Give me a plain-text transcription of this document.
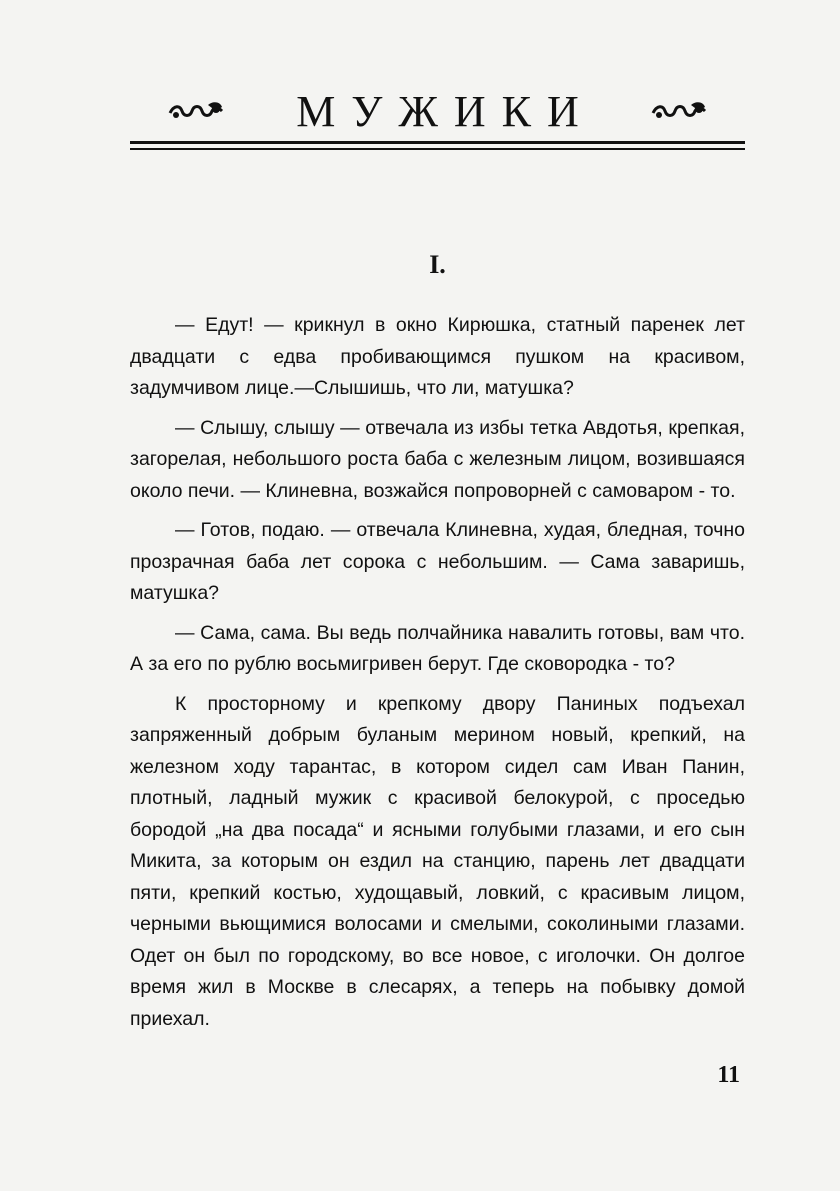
МУЖИКИ
I.

— Едут! — крикнул в окно Кирюшка, статный паренек лет двадцати с едва пробивающимся пушком на красивом, задумчивом лице.—Слышишь, что ли, матушка?

— Слышу, слышу — отвечала из избы тетка Авдотья, крепкая, загорелая, небольшого роста баба с железным лицом, возившаяся около печи. — Клиневна, возжайся попроворней с самоваром - то.

— Готов, подаю. — отвечала Клиневна, худая, бледная, точно прозрачная баба лет сорока с небольшим. — Сама заваришь, матушка?

— Сама, сама. Вы ведь полчайника навалить готовы, вам что. А за его по рублю восьмигривен берут. Где сковородка - то?

К просторному и крепкому двору Паниных подъехал запряженный добрым буланым мерином новый, крепкий, на железном ходу тарантас, в котором сидел сам Иван Панин, плотный, ладный мужик с красивой белокурой, с проседью бородой „на два посада“ и ясными голубыми глазами, и его сын Микита, за которым он ездил на станцию, парень лет двадцати пяти, крепкий костью, худощавый, ловкий, с красивым лицом, черными вьющимися волосами и смелыми, соколиными глазами. Одет он был по городскому, во все новое, с иголочки. Он долгое время жил в Москве в слесарях, а теперь на побывку домой приехал.

11
